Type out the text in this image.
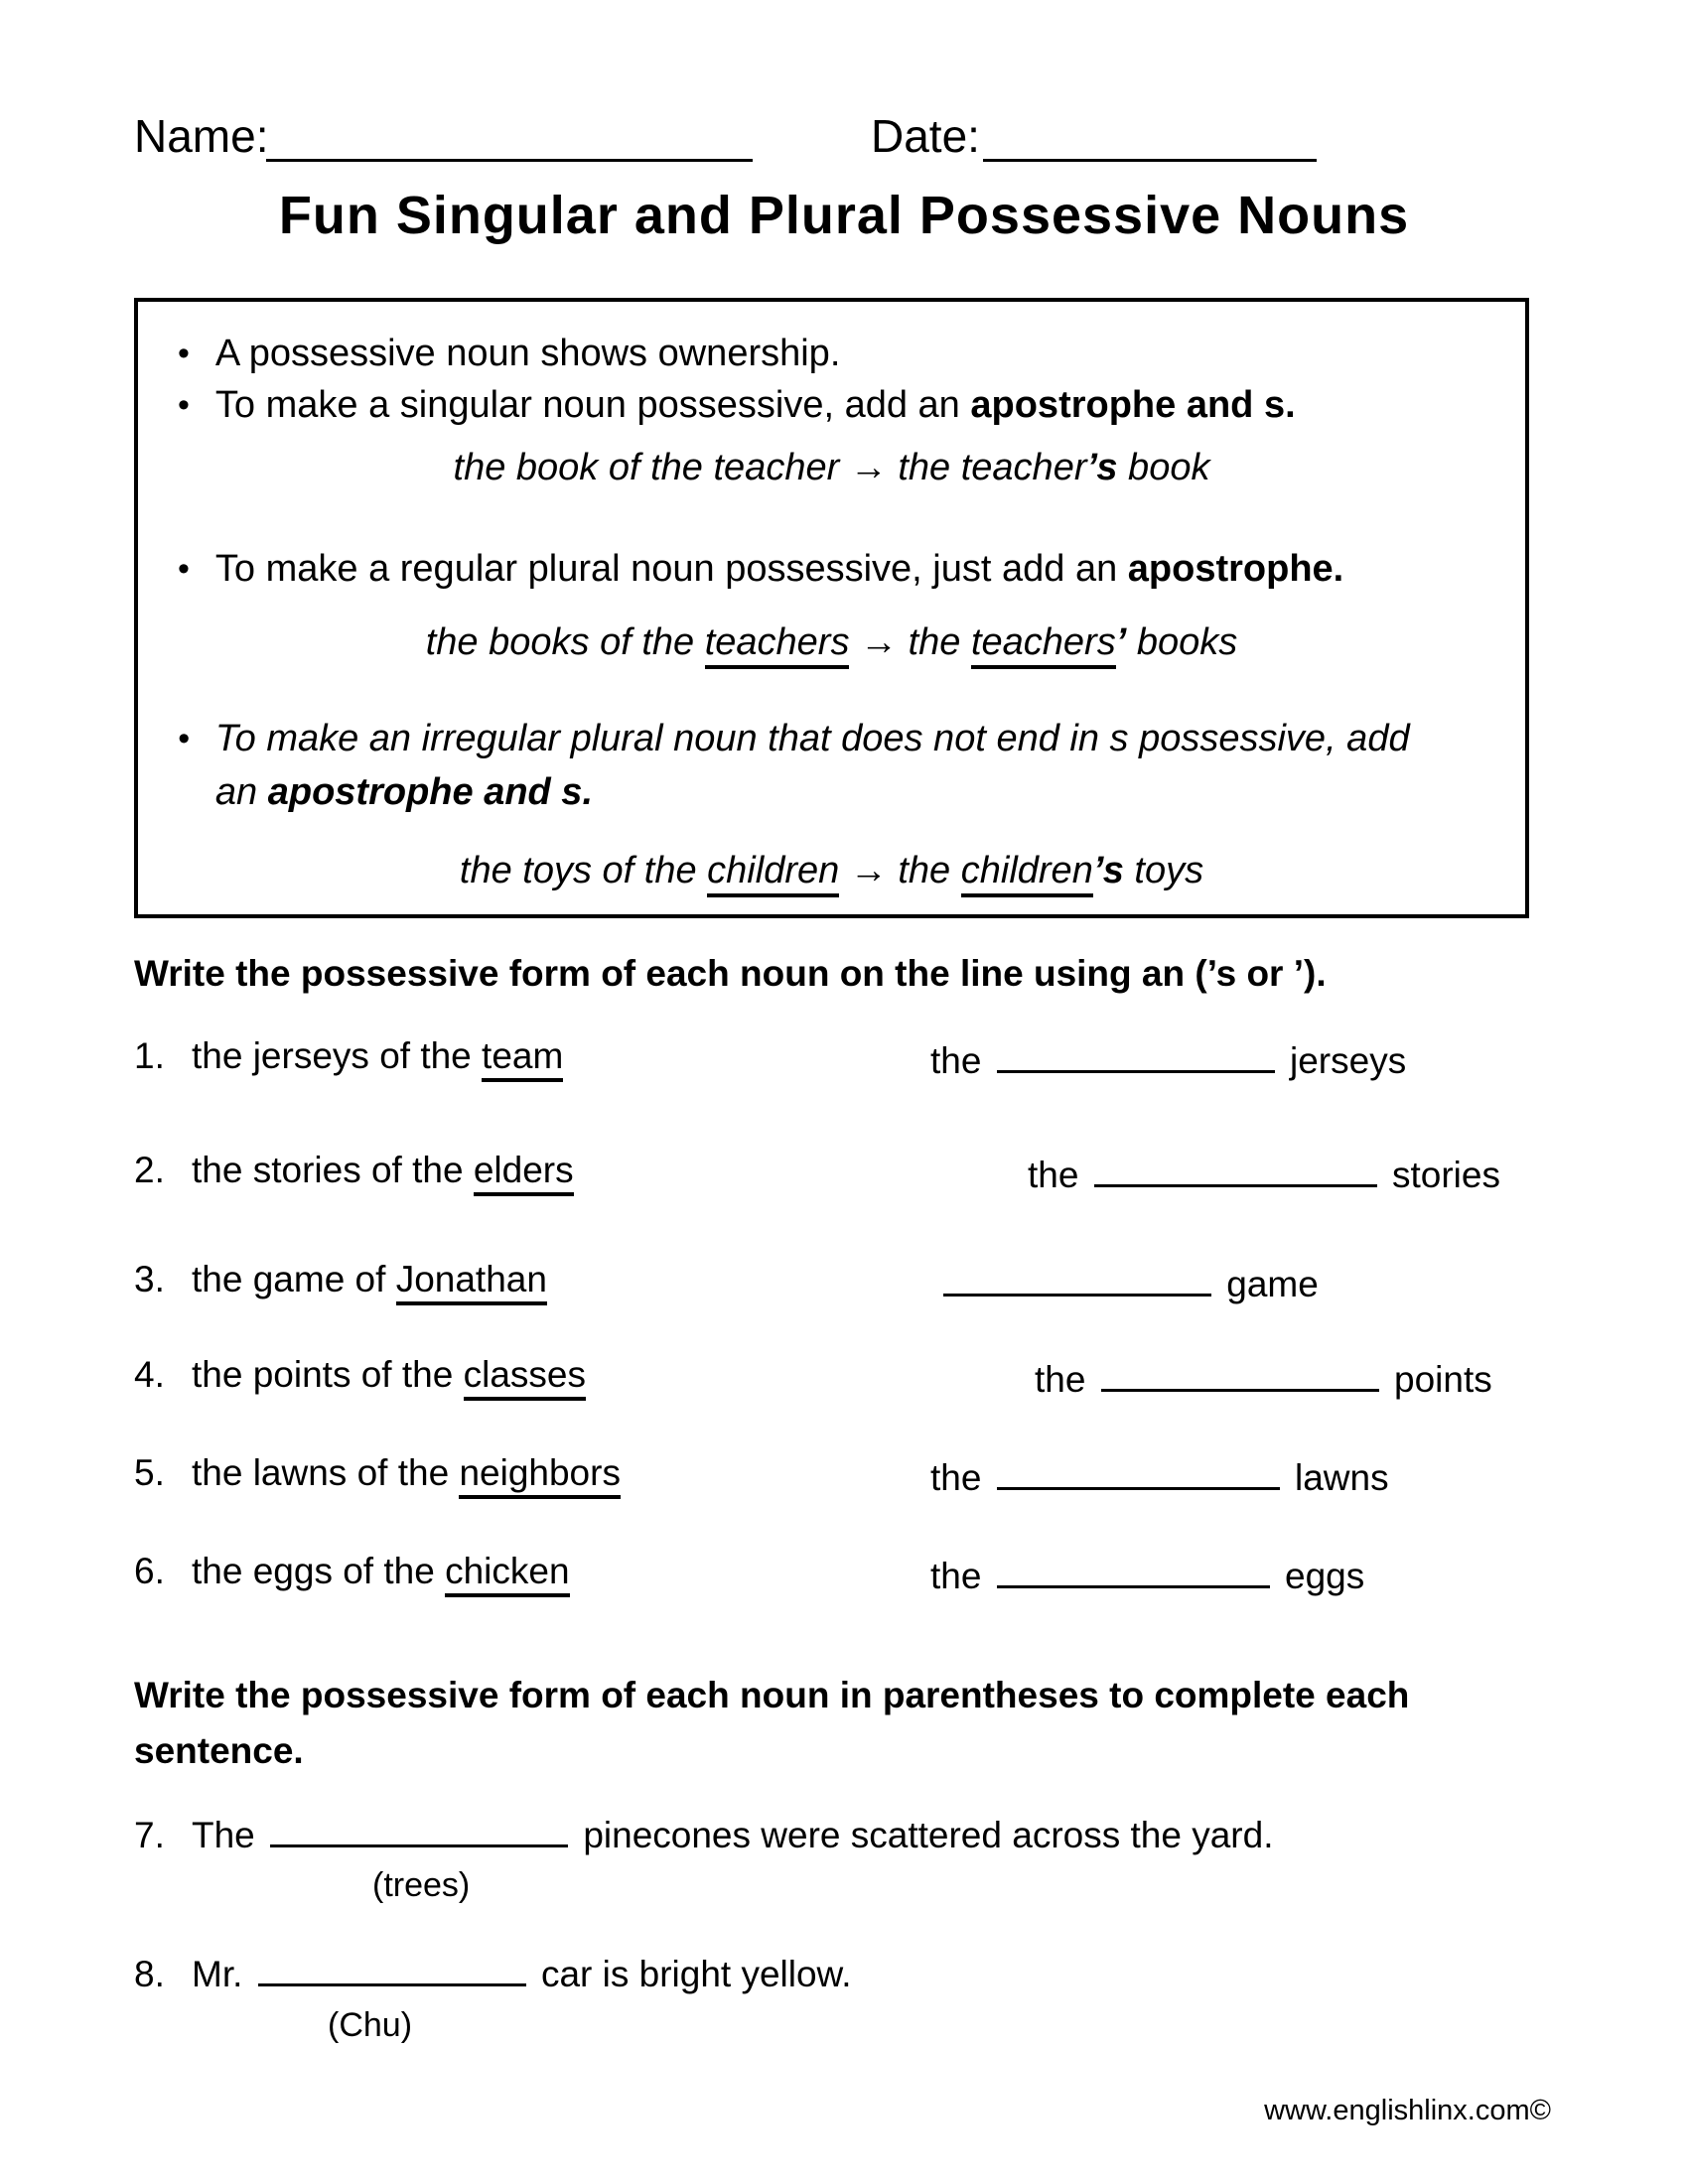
Name:	Date:
Fun Singular and Plural Possessive Nouns
• A possessive noun shows ownership.
• To make a singular noun possessive, add an apostrophe and s.
the book of the teacher → the teacher’s book
• To make a regular plural noun possessive, just add an apostrophe.
the books of the teachers → the teachers’ books
• To make an irregular plural noun that does not end in s possessive, add an apostrophe and s.
the toys of the children → the children’s toys
Write the possessive form of each noun on the line using an (’s or ’).
1. the jerseys of the team	the	jerseys
2. the stories of the elders	the	stories
3. the game of Jonathan	game
4. the points of the classes	the	points
5. the lawns of the neighbors	the	lawns
6. the eggs of the chicken	the	eggs
Write the possessive form of each noun in parentheses to complete each sentence.
7. The	pinecones were scattered across the yard.
(trees)
8. Mr.	car is bright yellow.
(Chu)
www.englishlinx.com©
